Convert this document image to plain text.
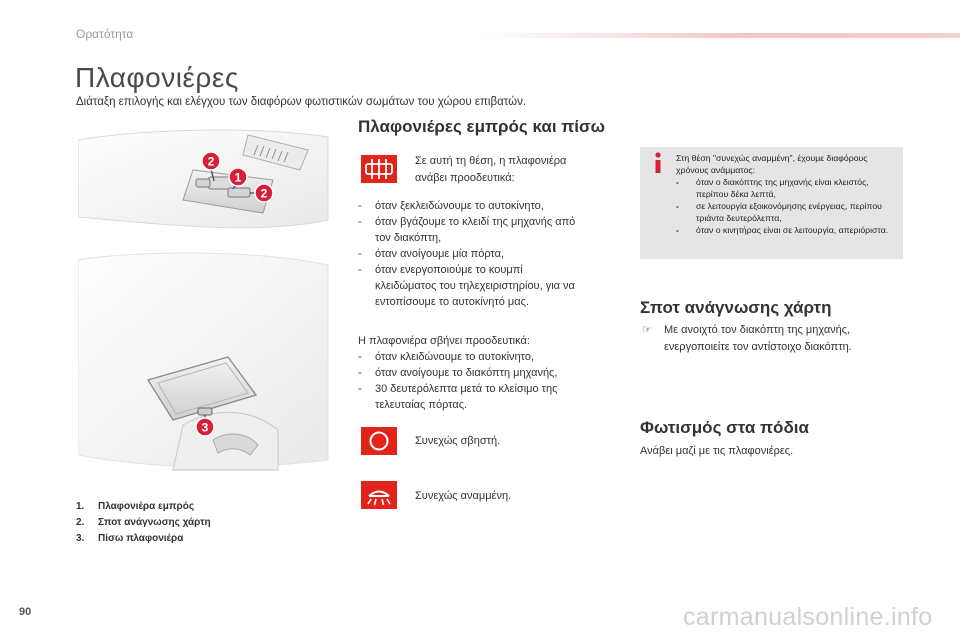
Ορατότητα
Πλαφονιέρες
Διάταξη επιλογής και ελέγχου των διαφόρων φωτιστικών σωμάτων του χώρου επιβατών.
2
1
2
3
1. Πλαφονιέρα εμπρός
2. Σποτ ανάγνωσης χάρτη
3. Πίσω πλαφονιέρα
Πλαφονιέρες εμπρός και πίσω
Σε αυτή τη θέση, η πλαφονιέρα
ανάβει προοδευτικά:
- όταν ξεκλειδώνουμε το αυτοκίνητο,
- όταν βγάζουμε το κλειδί της μηχανής από
τον διακόπτη,
- όταν ανοίγουμε μία πόρτα,
- όταν ενεργοποιούμε το κουμπί
κλειδώματος του τηλεχειριστηρίου, για να
εντοπίσουμε το αυτοκίνητό μας.
Η πλαφονιέρα σβήνει προοδευτικά:
- όταν κλειδώνουμε το αυτοκίνητο,
- όταν ανοίγουμε το διακόπτη μηχανής,
- 30 δευτερόλεπτα μετά το κλείσιμο της
τελευταίας πόρτας.
Συνεχώς σβηστή.
Συνεχώς αναμμένη.
Στη θέση "συνεχώς αναμμένη", έχουμε διαφόρους
χρόνους ανάμματος:
- όταν ο διακόπτης της μηχανής είναι κλειστός,
περίπου δέκα λεπτά,
- σε λειτουργία εξοικονόμησης ενέργειας, περίπου
τριάντα δευτερόλεπτα,
- όταν ο κινητήρας είναι σε λειτουργία, απεριόριστα.
Σποτ ανάγνωσης χάρτη
☞ Με ανοιχτό τον διακόπτη της μηχανής,
ενεργοποιείτε τον αντίστοιχο διακόπτη.
Φωτισμός στα πόδια
Ανάβει μαζί με τις πλαφονιέρες.
90	carmanualsonline.info
